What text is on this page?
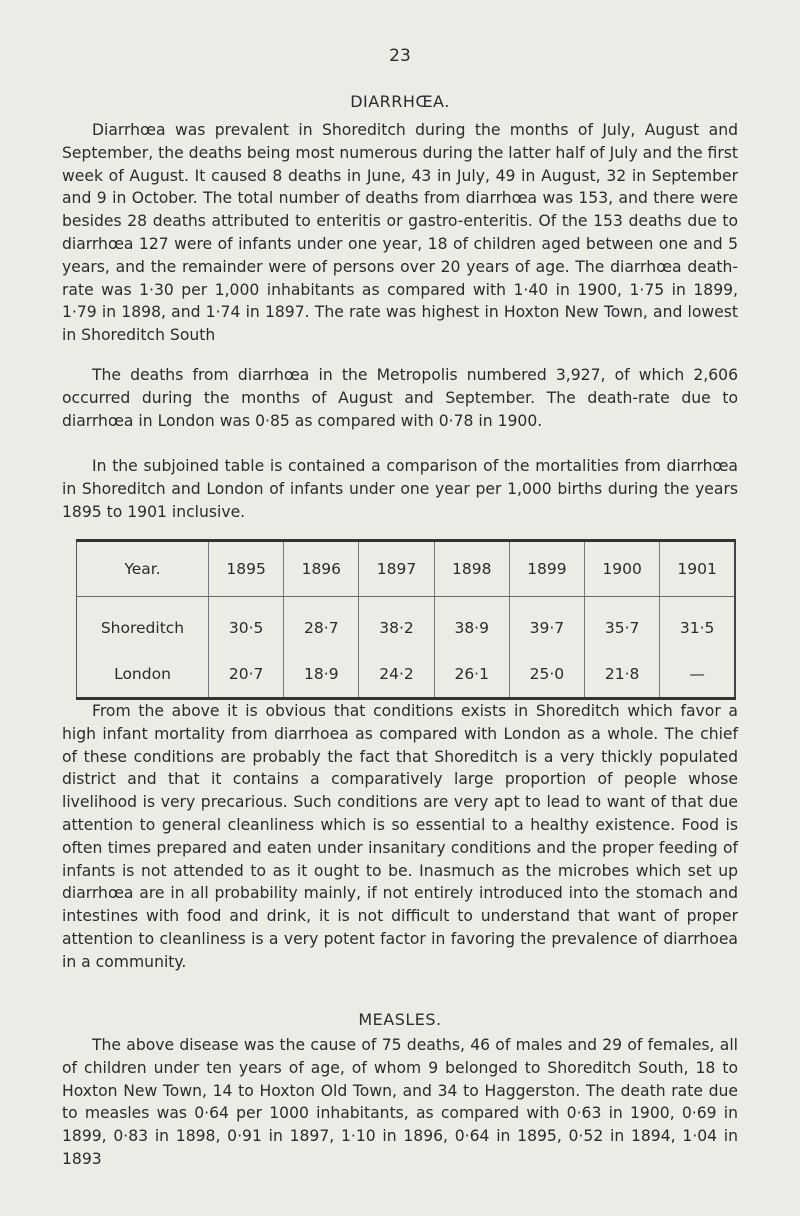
23
DIARRHŒA.

Diarrhœa was prevalent in Shoreditch during the months of July, August and September, the deaths being most numerous during the latter half of July and the first week of August. It caused 8 deaths in June, 43 in July, 49 in August, 32 in September and 9 in October. The total number of deaths from diarrhœa was 153, and there were besides 28 deaths attributed to enteritis or gastro-enteritis. Of the 153 deaths due to diarrhœa 127 were of infants under one year, 18 of children aged between one and 5 years, and the remainder were of persons over 20 years of age. The diarrhœa death-rate was 1·30 per 1,000 inhabitants as compared with 1·40 in 1900, 1·75 in 1899, 1·79 in 1898, and 1·74 in 1897. The rate was highest in Hoxton New Town, and lowest in Shoreditch South

The deaths from diarrhœa in the Metropolis numbered 3,927, of which 2,606 occurred during the months of August and September. The death-rate due to diarrhœa in London was 0·85 as compared with 0·78 in 1900.

In the subjoined table is contained a comparison of the mortalities from diarrhœa in Shoreditch and London of infants under one year per 1,000 births during the years 1895 to 1901 inclusive.

Year.	1895	1896	1897	1898	1899	1900	1901
Shoreditch	30·5	28·7	38·2	38·9	39·7	35·7	31·5
London	20·7	18·9	24·2	26·1	25·0	21·8	—

From the above it is obvious that conditions exists in Shoreditch which favor a high infant mortality from diarrhoea as compared with London as a whole. The chief of these conditions are probably the fact that Shoreditch is a very thickly populated district and that it contains a comparatively large proportion of people whose livelihood is very precarious. Such conditions are very apt to lead to want of that due attention to general cleanliness which is so essential to a healthy existence. Food is often times prepared and eaten under insanitary conditions and the proper feeding of infants is not attended to as it ought to be. Inasmuch as the microbes which set up diarrhœa are in all probability mainly, if not entirely introduced into the stomach and intestines with food and drink, it is not difficult to understand that want of proper attention to cleanliness is a very potent factor in favoring the prevalence of diarrhoea in a community.

MEASLES.

The above disease was the cause of 75 deaths, 46 of males and 29 of females, all of children under ten years of age, of whom 9 belonged to Shoreditch South, 18 to Hoxton New Town, 14 to Hoxton Old Town, and 34 to Haggerston. The death rate due to measles was 0·64 per 1000 inhabitants, as compared with 0·63 in 1900, 0·69 in 1899, 0·83 in 1898, 0·91 in 1897, 1·10 in 1896, 0·64 in 1895, 0·52 in 1894, 1·04 in 1893
